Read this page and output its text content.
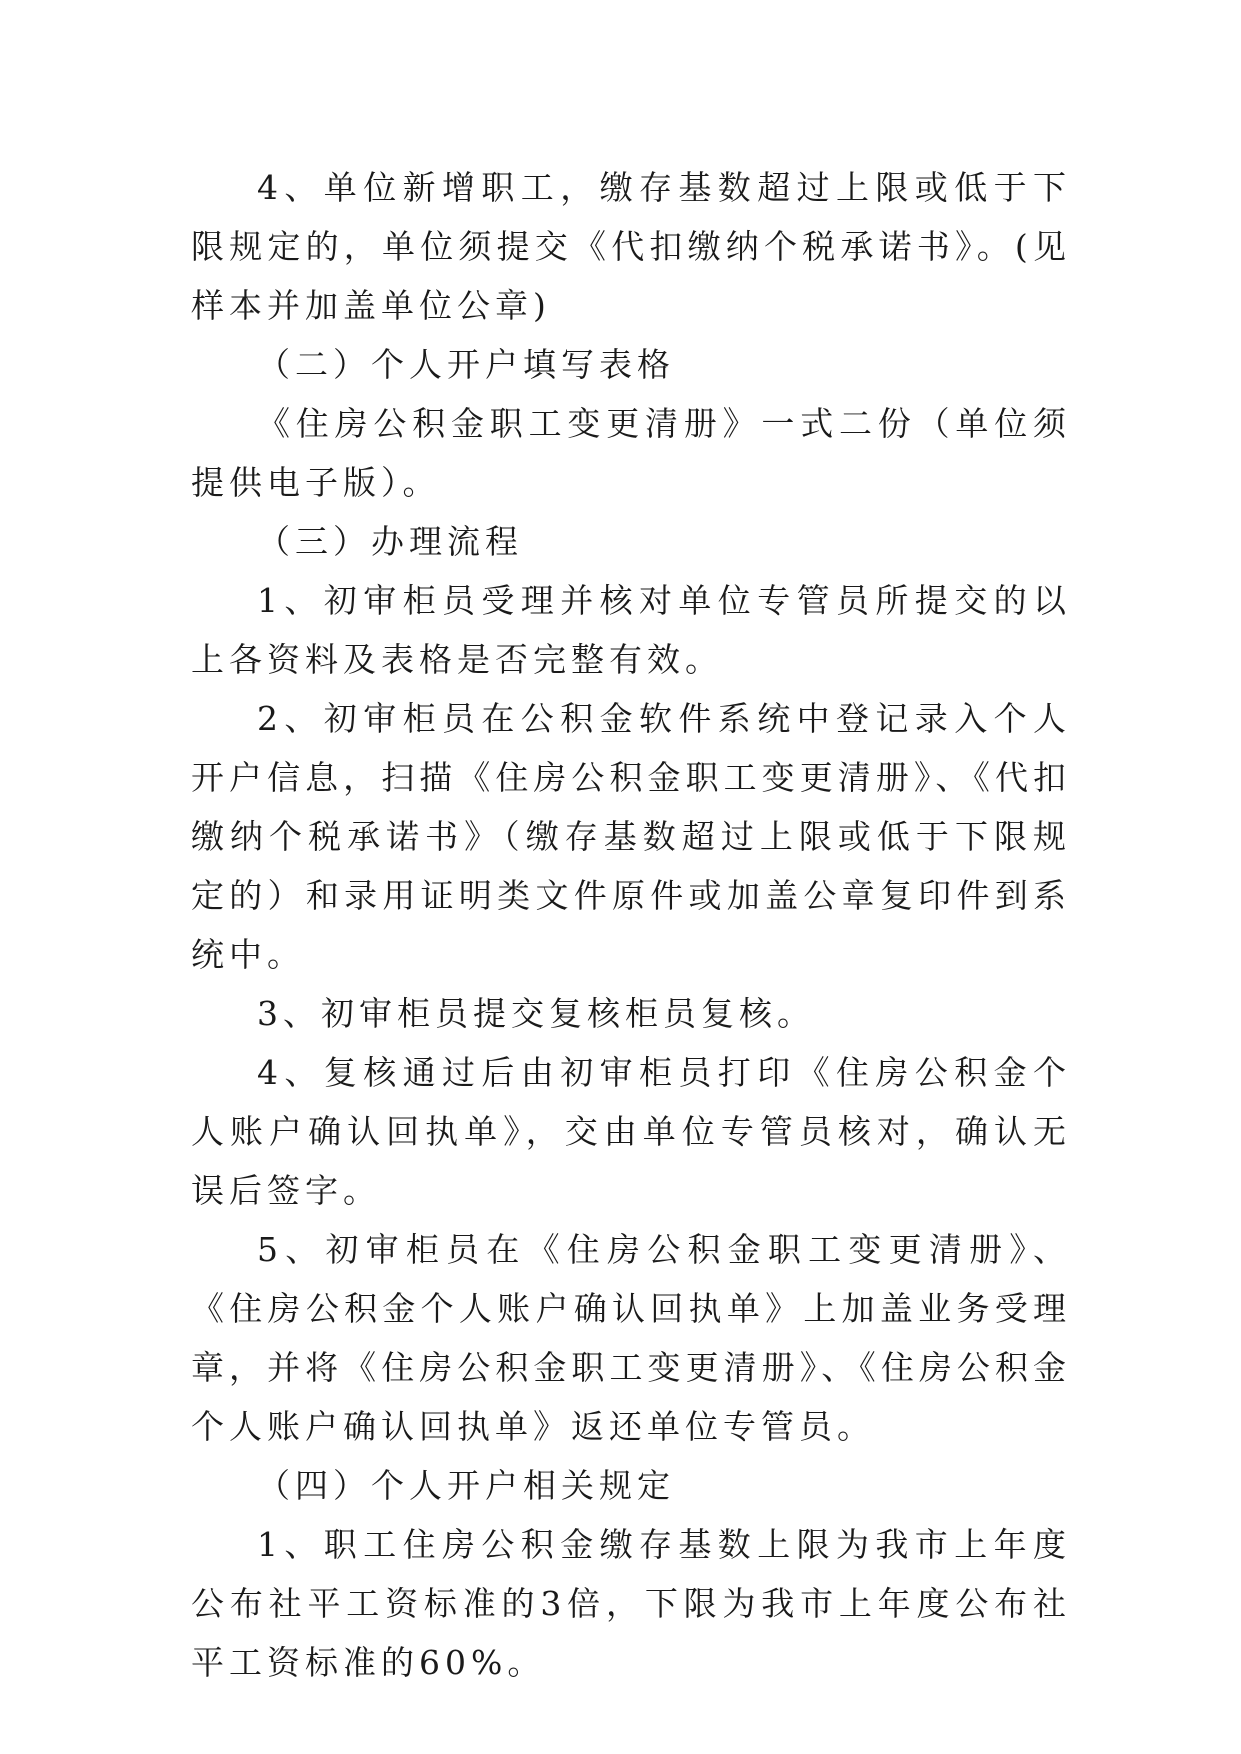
4、单位新增职工，缴存基数超过上限或低于下限规定的，单位须提交《代扣缴纳个税承诺书》。(见样本并加盖单位公章)

（二）个人开户填写表格

《住房公积金职工变更清册》一式二份（单位须提供电子版）。

（三）办理流程

1、初审柜员受理并核对单位专管员所提交的以上各资料及表格是否完整有效。

2、初审柜员在公积金软件系统中登记录入个人开户信息，扫描《住房公积金职工变更清册》、《代扣缴纳个税承诺书》（缴存基数超过上限或低于下限规定的）和录用证明类文件原件或加盖公章复印件到系统中。

3、初审柜员提交复核柜员复核。

4、复核通过后由初审柜员打印《住房公积金个人账户确认回执单》，交由单位专管员核对，确认无误后签字。

5、初审柜员在《住房公积金职工变更清册》、《住房公积金个人账户确认回执单》上加盖业务受理章，并将《住房公积金职工变更清册》、《住房公积金个人账户确认回执单》返还单位专管员。

（四）个人开户相关规定

1、职工住房公积金缴存基数上限为我市上年度公布社平工资标准的3倍，下限为我市上年度公布社平工资标准的60%。
